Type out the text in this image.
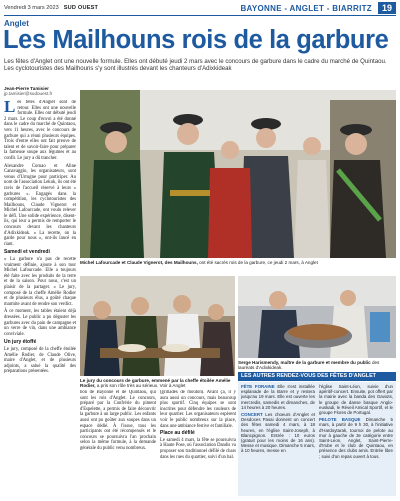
Vendredi 3 mars 2023 SUD OUEST	BAYONNE - ANGLET - BIARRITZ	19
Anglet
Les Mailhouns rois de la garbure
Les fêtes d'Anglet ont une nouvelle formule. Elles ont débuté jeudi 2 mars avec le concours de garbure dans le cadre du marché de Quintaou. Les cyclotouristes des Mailhouns s'y sont illustrés devant les chanteurs d'Adixkideak
Jean-Pierre Tamisier
jp.tamisier@sudouest.fr

Les fêtes d'Anglet sont de retour. Elles ont une nouvelle formule. Elles ont débuté jeudi 2 mars. Le coup d'envoi a été donné dans le cadre du marché de Quintaou, vers 11 heures, avec le concours de garbure qui a réuni plusieurs équipes. Trois d'entre elles ont fait preuve de talent et de savoir-faire pour préparer la fameuse soupe aux légumes et au confit. Le jury a dû trancher.

Alexandre Cornao et Aline Canavaggio, les organisateurs, sont venus d'Urrugne pour participer. Au nom de l'association Lekuk, ils ont été ravis de l'accueil réservé à leurs « garbures ». Engagés dans la compétition, les cyclotouristes des Mailhouns, Claude Vignerot et Michel Lafourcade, ont voulu relever le défi. Une solide expérience, disent-ils, qui leur a permis de remporter le concours devant les chanteurs d'Adixkideak. « La recette, on la garde pour nous », ont-ils lancé en riant.

Samedi et vendredi

« La garbure n'a pas de recette vraiment définie, ajoute à son tour Michel Lafourcade. Elle a toujours été faite avec les produits de la terre et de la saison. Pour nous, c'est un plaisir de la partager. » Le jury, composé de la cheffe Amélie Rodier et de plusieurs élus, a goûté chaque marmite avant de rendre son verdict.

À ce moment, les tables étaient déjà dressées. Le public a pu déguster les garbures avec du pain de campagne et un verre de vin, dans une ambiance conviviale.

Un jury étoffé

Le jury, composé de la cheffe étoilée Amélie Rodier, de Claude Olive, maire d'Anglet, et de plusieurs adjoints, a salué la qualité des préparations présentées.

Michel Lafourcade et Claude Vignerot, des Mailhouns, ont été sacrés rois de la garbure, ce jeudi 2 mars, à Anglet
Le jury du concours de garbure, emmené par la cheffe étoilée Amélie Rodier, a pris son rôle très au sérieux. Voir à Anglet
Serge Harismendy, maître de la garbure et membre du public des lauréats d'Adixkideak.

bon de Bayonne et de Quintaou, qui sont les rois d'Anglet. Le concours, préparé par la Confrérie du piment d'Espelette, a permis de faire découvrir la garbure à un large public. Les enfants aussi ont pu goûter aux soupes dans un espace dédié. À l'issue, tous les participants ont été récompensés et le concours se poursuivra l'an prochain selon la même formule, à la demande générale du public venu nombreux.

(grillades de mouton). Avant ça, il y aura aussi un concours, mais beaucoup plus sportif. Cinq équipes se sont inscrites pour défendre les couleurs de leur quartier. Les organisateurs espèrent voir le public nombreux sur la place, dans une ambiance festive et familiale.

Place au défilé

Le samedi 4 mars, la fête se poursuivra à Haute Pose, où l'association Dandis va proposer son traditionnel défilé de chars dans les rues du quartier, suivi d'un bal.

LES AUTRES RENDEZ-VOUS DES FÊTES D'ANGLET

FÊTE FORAINE Elle s'est installée esplanade de la Barre et y restera jusqu'au 19 mars. Elle est ouverte les mercredis, samedis et dimanches, de 14 heures à 20 heures.

CONCERT Les choeurs d'Anglet et Desdoces Pasai donnent un concert des fêtes samedi 4 mars, à 18 heures, en l'église Saint-Joseph, à Blancpignon. Entrée : 10 euros (gratuit pour les moins de 16 ans). Messe et musique. Dimanche 5 mars, à 10 heures, messe en

l'église Saint-Léon, suivie d'un apéritif-concert. Ensuite, pot offert par la mairie avec la banda des Gaviots, le groupe de danse basque Anglo-euskadi, le Réveil Amical Sportif, et le groupe Flores de Portugal.

PELOTE BASQUE Dimanche 5 mars, à partir de 9 h 30, à l'initiative d'Hardoytarak, tournoi de pelote au mur à gauche de 3e catégorie entre Saint-Léon, Anglet, Saint-Pierre-d'Irube et le club de Quintaou, en présence des clubs amis. Entrée libre ; suivi d'un repas ouvert à tous.
